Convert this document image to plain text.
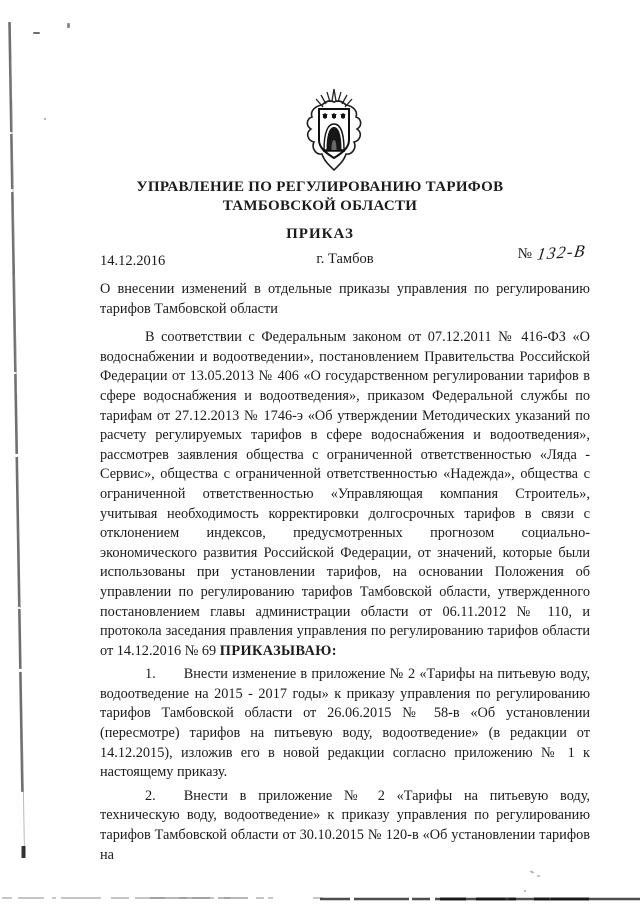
УПРАВЛЕНИЕ ПО РЕГУЛИРОВАНИЮ ТАРИФОВ
ТАМБОВСКОЙ ОБЛАСТИ
ПРИКАЗ
14.12.2016	г. Тамбов	№ 132-В

О внесении изменений в отдельные приказы управления по регулированию тарифов Тамбовской области

В соответствии с Федеральным законом от 07.12.2011 № 416-ФЗ «О водоснабжении и водоотведении», постановлением Правительства Российской Федерации от 13.05.2013 № 406 «О государственном регулировании тарифов в сфере водоснабжения и водоотведения», приказом Федеральной службы по тарифам от 27.12.2013 № 1746-э «Об утверждении Методических указаний по расчету регулируемых тарифов в сфере водоснабжения и водоотведения», рассмотрев заявления общества с ограниченной ответственностью «Ляда - Сервис», общества с ограниченной ответственностью «Надежда», общества с ограниченной ответственностью «Управляющая компания Строитель», учитывая необходимость корректировки долгосрочных тарифов в связи с отклонением индексов, предусмотренных прогнозом социально-экономического развития Российской Федерации, от значений, которые были использованы при установлении тарифов, на основании Положения об управлении по регулированию тарифов Тамбовской области, утвержденного постановлением главы администрации области от 06.11.2012 № 110, и протокола заседания правления управления по регулированию тарифов области от 14.12.2016 № 69 ПРИКАЗЫВАЮ:

1. Внести изменение в приложение № 2 «Тарифы на питьевую воду, водоотведение на 2015 - 2017 годы» к приказу управления по регулированию тарифов Тамбовской области от 26.06.2015 № 58-в «Об установлении (пересмотре) тарифов на питьевую воду, водоотведение» (в редакции от 14.12.2015), изложив его в новой редакции согласно приложению № 1 к настоящему приказу.

2. Внести в приложение № 2 «Тарифы на питьевую воду, техническую воду, водоотведение» к приказу управления по регулированию тарифов Тамбовской области от 30.10.2015 № 120-в «Об установлении тарифов на
